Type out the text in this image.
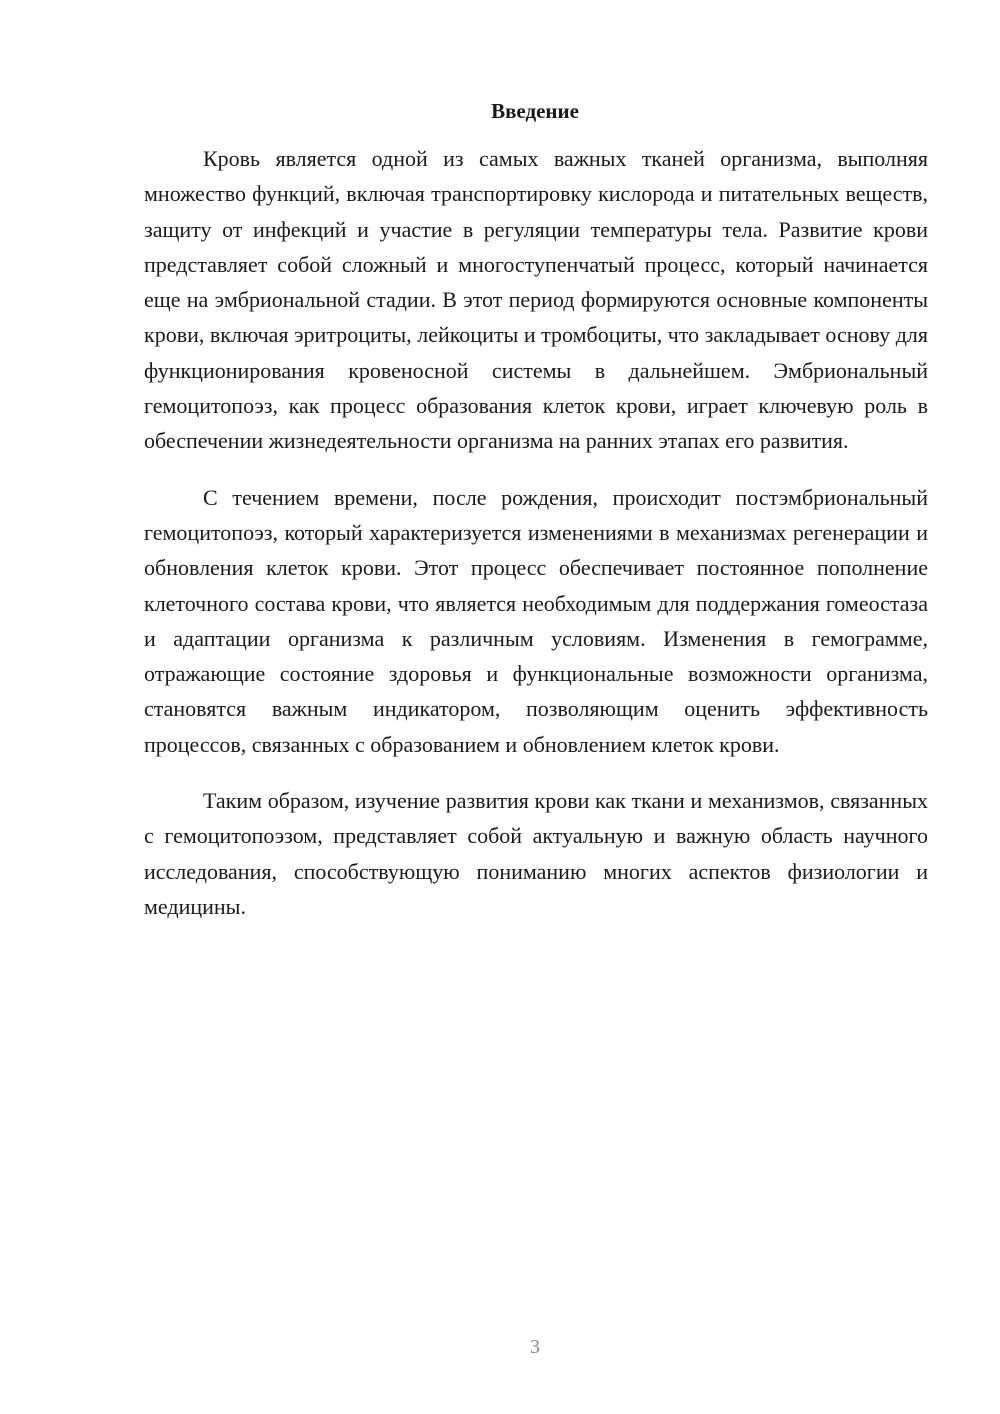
Введение

Кровь является одной из самых важных тканей организма, выполняя множество функций, включая транспортировку кислорода и питательных веществ, защиту от инфекций и участие в регуляции температуры тела. Развитие крови представляет собой сложный и многоступенчатый процесс, который начинается еще на эмбриональной стадии. В этот период формируются основные компоненты крови, включая эритроциты, лейкоциты и тромбоциты, что закладывает основу для функционирования кровеносной системы в дальнейшем. Эмбриональный гемоцитопоэз, как процесс образования клеток крови, играет ключевую роль в обеспечении жизнедеятельности организма на ранних этапах его развития.

С течением времени, после рождения, происходит постэмбриональный гемоцитопоэз, который характеризуется изменениями в механизмах регенерации и обновления клеток крови. Этот процесс обеспечивает постоянное пополнение клеточного состава крови, что является необходимым для поддержания гомеостаза и адаптации организма к различным условиям. Изменения в гемограмме, отражающие состояние здоровья и функциональные возможности организма, становятся важным индикатором, позволяющим оценить эффективность процессов, связанных с образованием и обновлением клеток крови.

Таким образом, изучение развития крови как ткани и механизмов, связанных с гемоцитопоэзом, представляет собой актуальную и важную область научного исследования, способствующую пониманию многих аспектов физиологии и медицины.

3
